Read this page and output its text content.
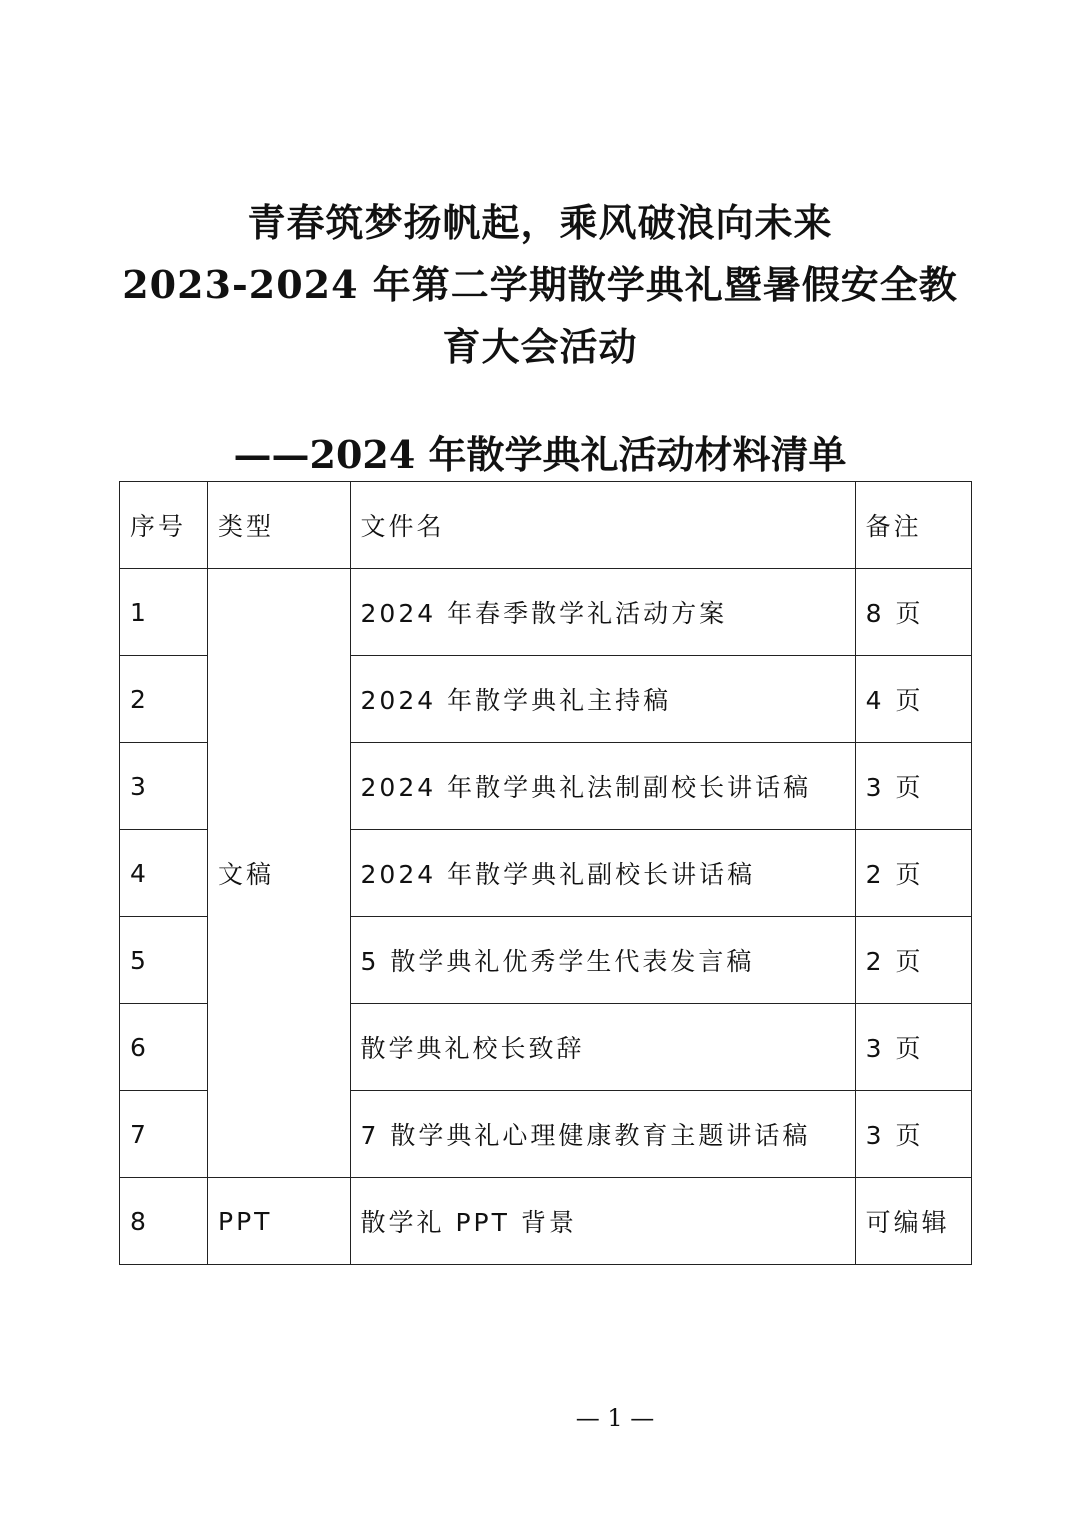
青春筑梦扬帆起，乘风破浪向未来
2023-2024 年第二学期散学典礼暨暑假安全教
育大会活动
——2024 年散学典礼活动材料清单
序号	类型	文件名	备注
1	文稿	2024 年春季散学礼活动方案	8 页
2		2024 年散学典礼主持稿	4 页
3		2024 年散学典礼法制副校长讲话稿	3 页
4		2024 年散学典礼副校长讲话稿	2 页
5		5 散学典礼优秀学生代表发言稿	2 页
6		散学典礼校长致辞	3 页
7		7 散学典礼心理健康教育主题讲话稿	3 页
8	PPT	散学礼 PPT 背景	可编辑
— 1 —
